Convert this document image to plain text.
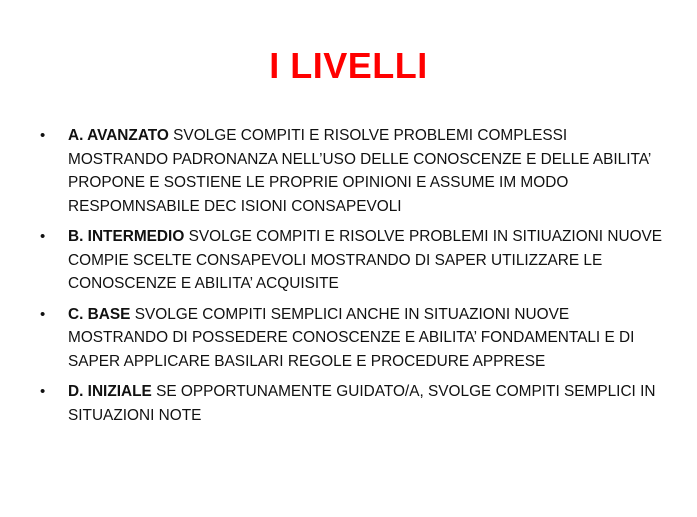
I LIVELLI
• A. AVANZATO SVOLGE COMPITI E RISOLVE PROBLEMI COMPLESSI MOSTRANDO PADRONANZA NELL’USO DELLE CONOSCENZE E DELLE ABILITA’ PROPONE E SOSTIENE LE PROPRIE OPINIONI E ASSUME IM MODO RESPOMNSABILE DEC ISIONI CONSAPEVOLI
• B. INTERMEDIO SVOLGE COMPITI E RISOLVE PROBLEMI IN SITIUAZIONI NUOVE COMPIE SCELTE CONSAPEVOLI MOSTRANDO DI SAPER UTILIZZARE LE CONOSCENZE E ABILITA’ ACQUISITE
• C. BASE SVOLGE COMPITI SEMPLICI ANCHE IN SITUAZIONI NUOVE MOSTRANDO DI POSSEDERE CONOSCENZE E ABILITA’ FONDAMENTALI E DI SAPER APPLICARE BASILARI REGOLE E PROCEDURE APPRESE
• D. INIZIALE SE OPPORTUNAMENTE GUIDATO/A, SVOLGE COMPITI SEMPLICI IN SITUAZIONI NOTE
